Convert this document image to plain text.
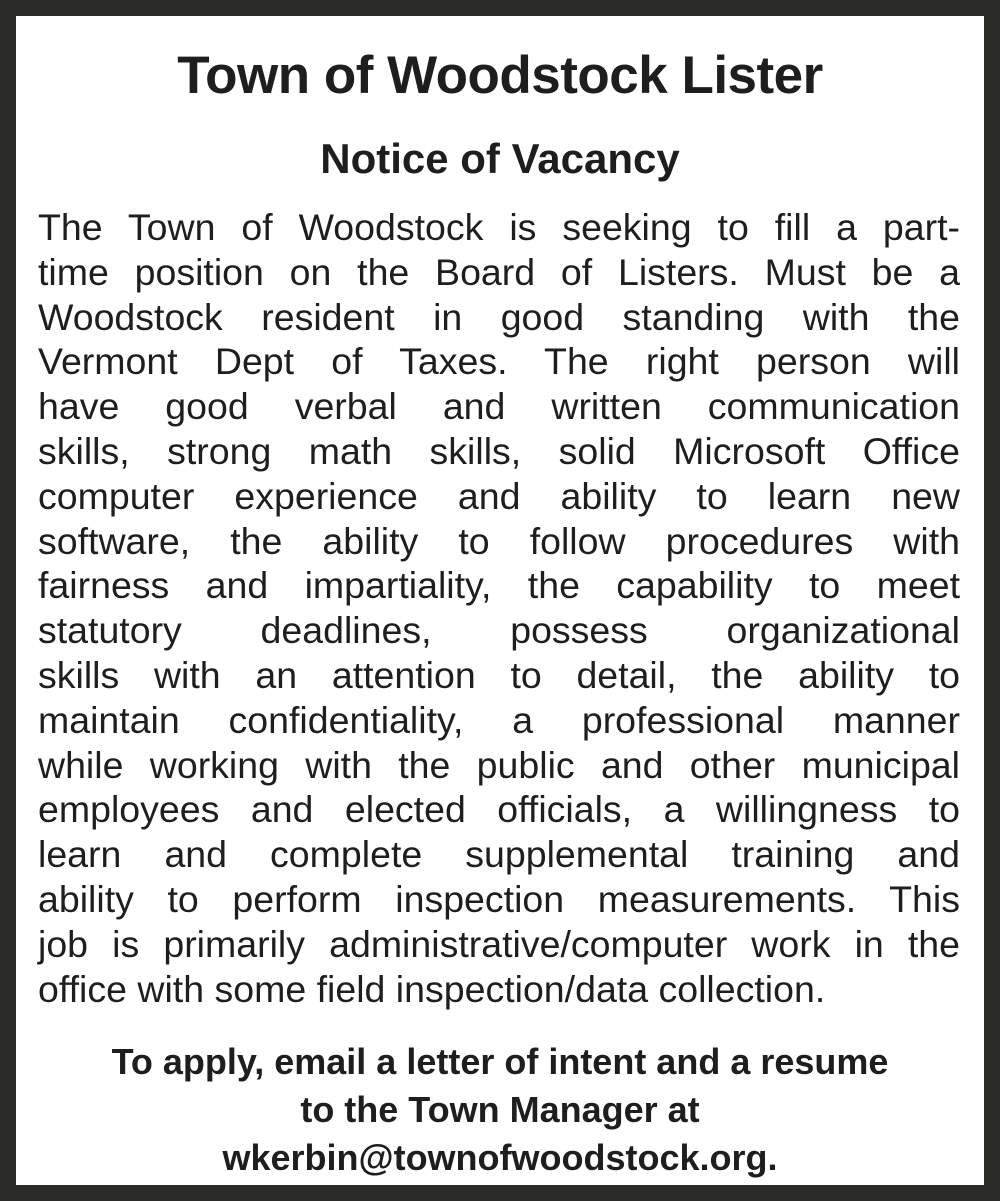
Town of Woodstock Lister
Notice of Vacancy
The Town of Woodstock is seeking to fill a part-
time position on the Board of Listers. Must be a
Woodstock resident in good standing with the
Vermont Dept of Taxes. The right person will
have good verbal and written communication
skills, strong math skills, solid Microsoft Office
computer experience and ability to learn new
software, the ability to follow procedures with
fairness and impartiality, the capability to meet
statutory deadlines, possess organizational
skills with an attention to detail, the ability to
maintain confidentiality, a professional manner
while working with the public and other municipal
employees and elected officials, a willingness to
learn and complete supplemental training and
ability to perform inspection measurements. This
job is primarily administrative/computer work in the
office with some field inspection/data collection.
To apply, email a letter of intent and a resume
to the Town Manager at
wkerbin@townofwoodstock.org.
